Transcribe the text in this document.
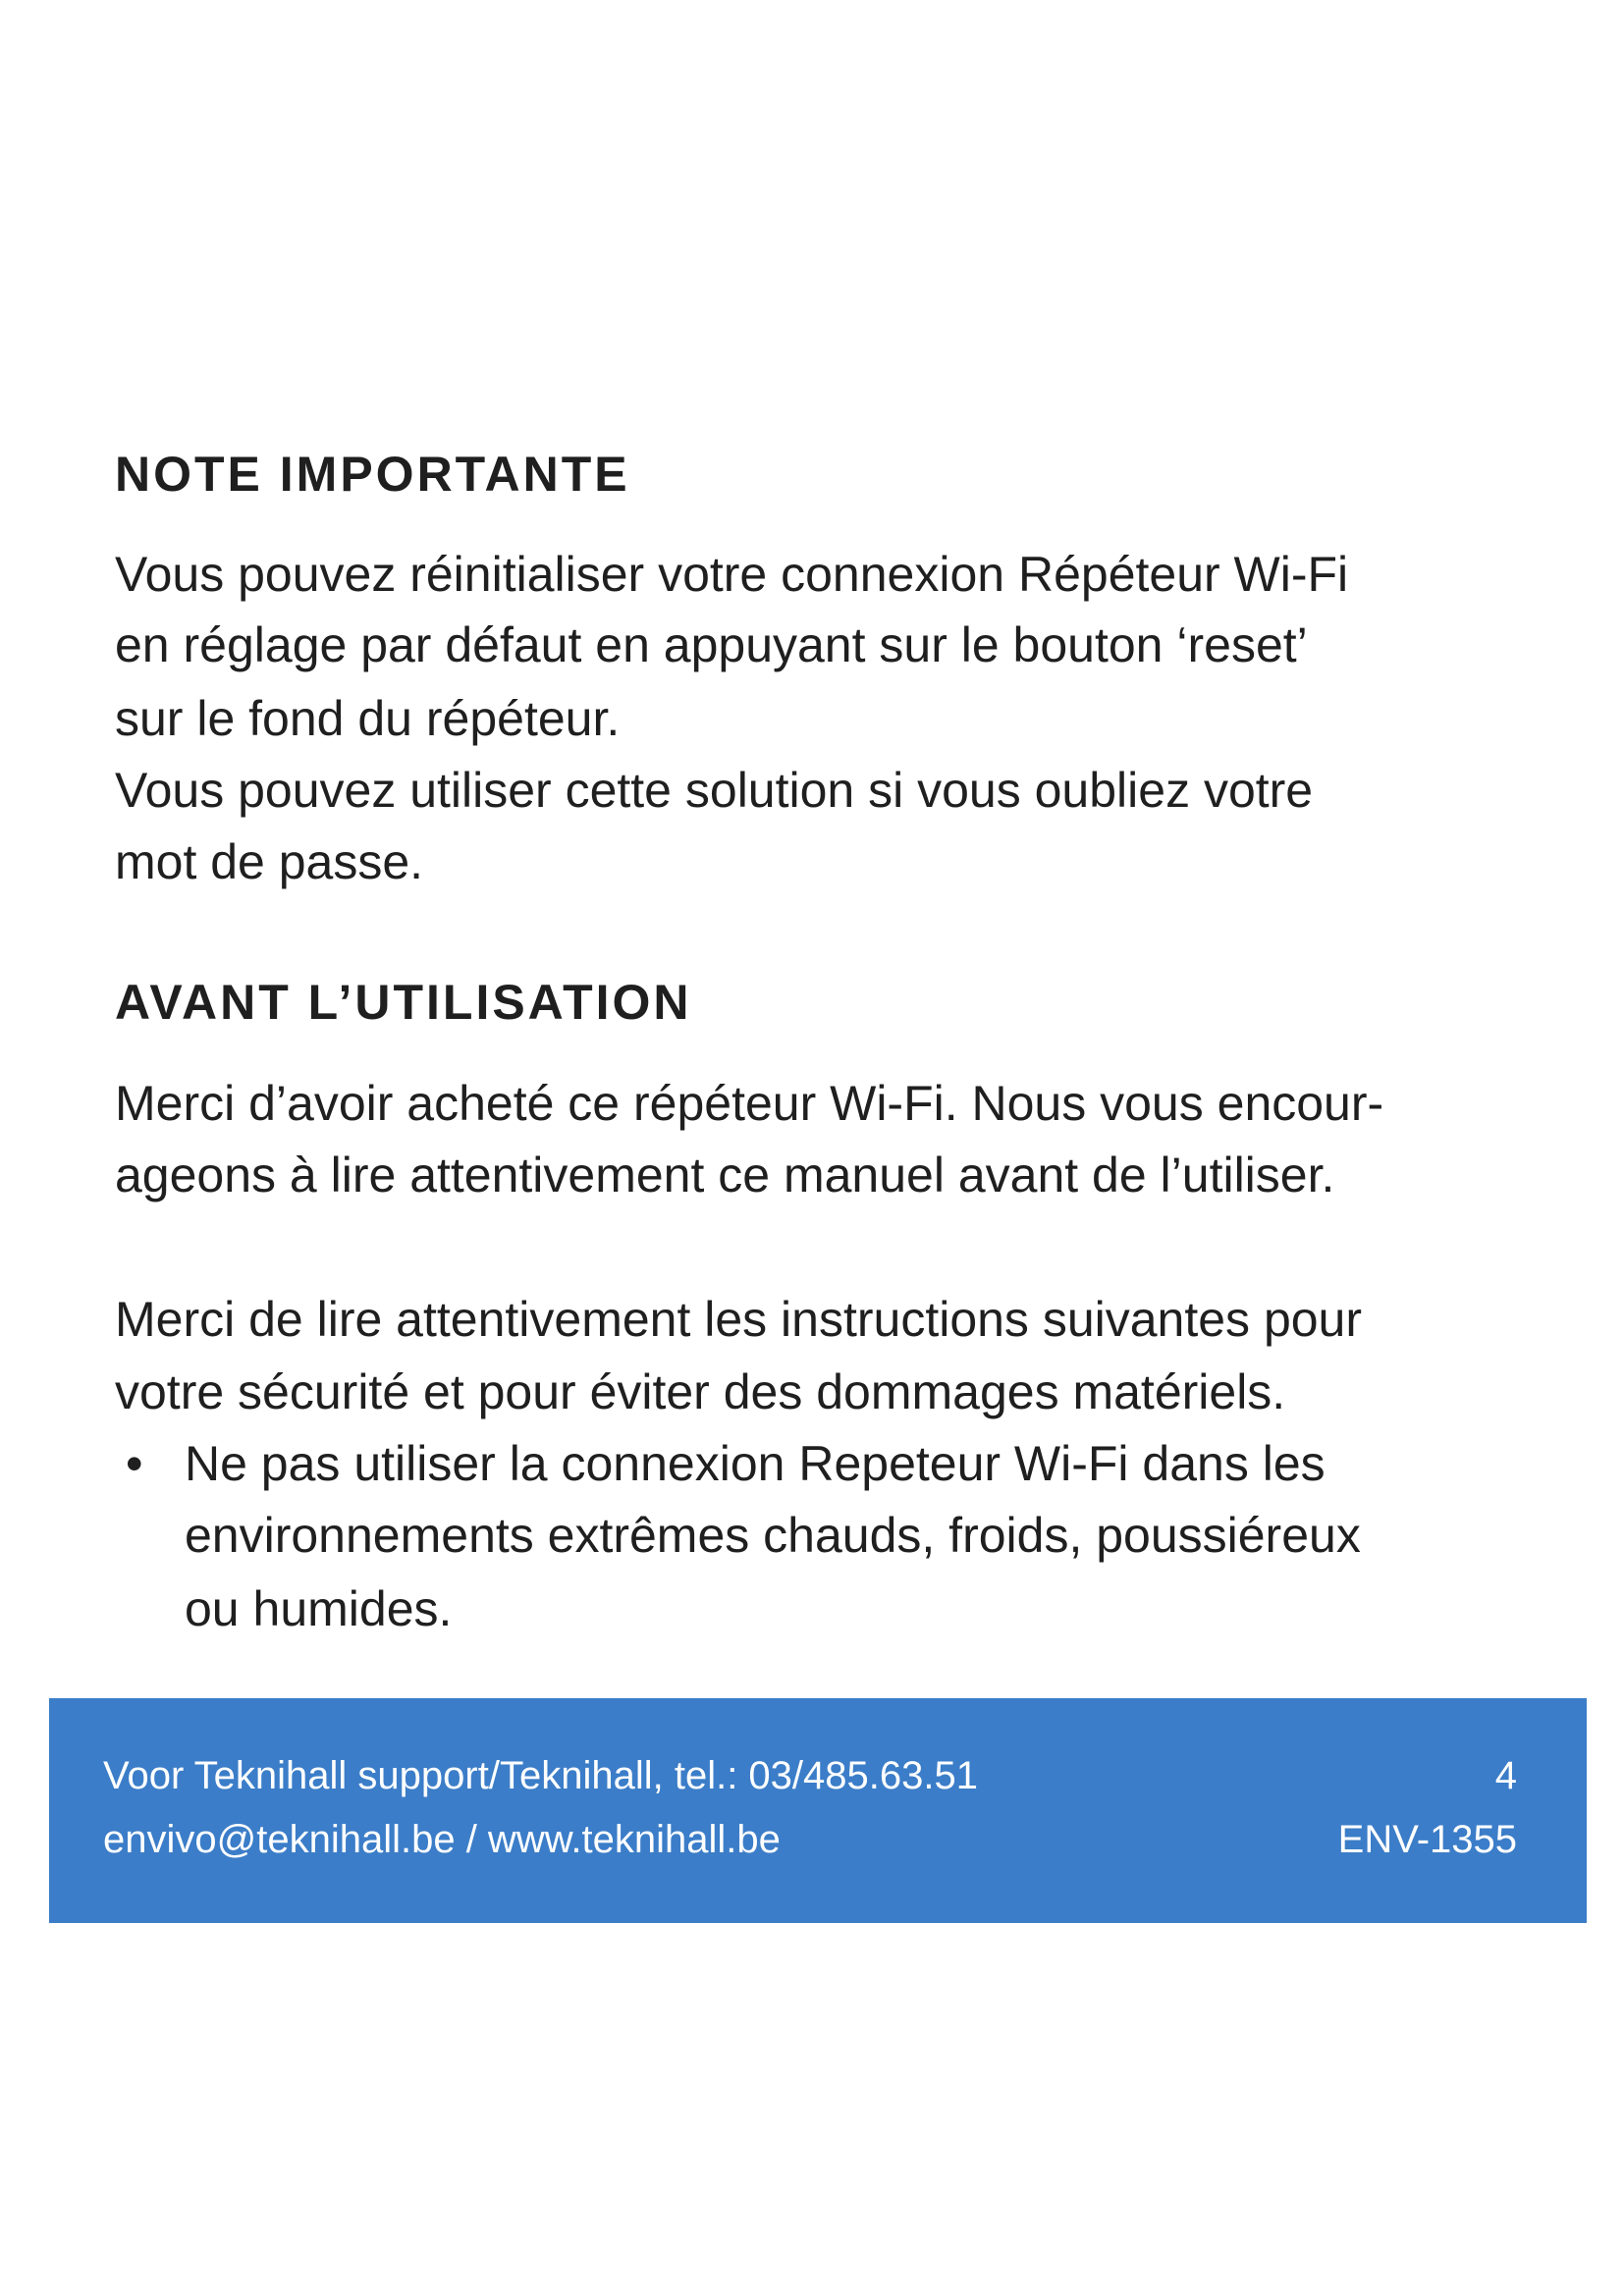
NOTE IMPORTANTE

Vous pouvez réinitialiser votre connexion Répéteur Wi-Fi

en réglage par défaut en appuyant sur le bouton ‘reset’

sur le fond du répéteur.

Vous pouvez utiliser cette solution si vous oubliez votre

mot de passe.

AVANT L’UTILISATION

Merci d’avoir acheté ce répéteur Wi-Fi. Nous vous encour-

ageons à lire attentivement ce manuel avant de l’utiliser.

Merci de lire attentivement les instructions suivantes pour

votre sécurité et pour éviter des dommages matériels.

• Ne pas utiliser la connexion Repeteur Wi-Fi dans les

environnements extrêmes chauds, froids, poussiéreux

ou humides.

Voor Teknihall support/Teknihall, tel.: 03/485.63.51
envivo@teknihall.be / www.teknihall.be
4
ENV-1355
